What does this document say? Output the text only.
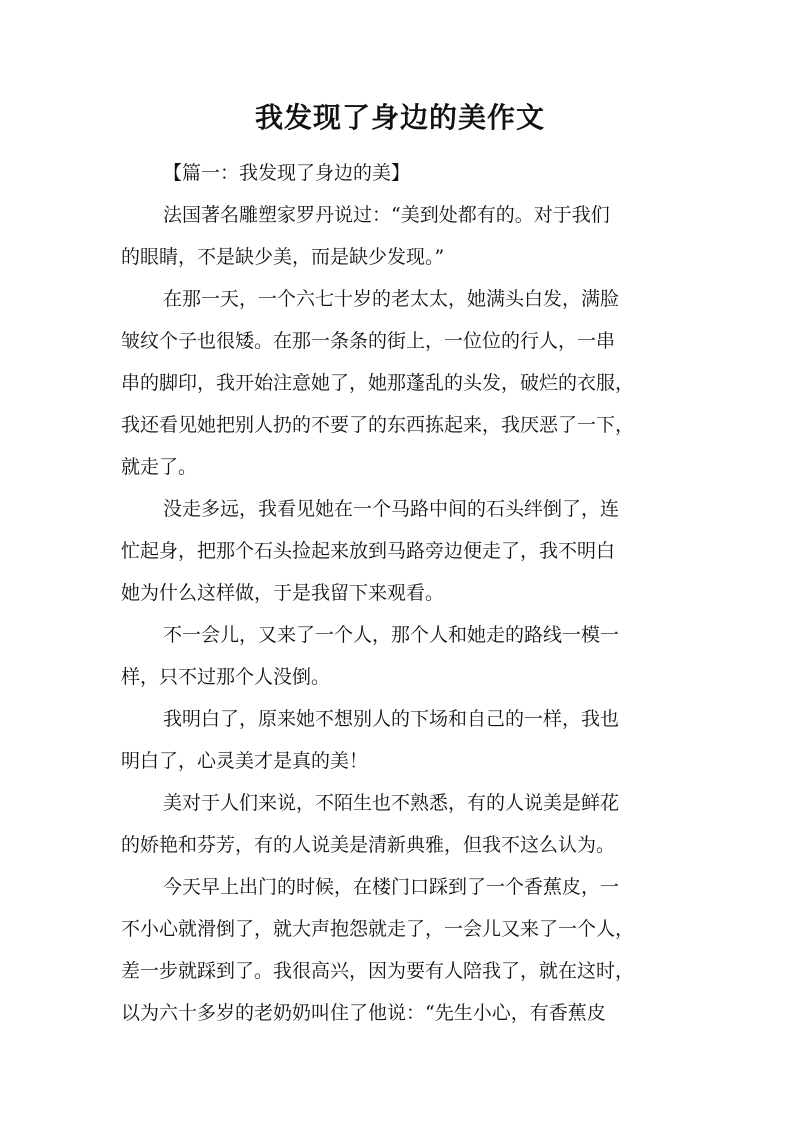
我发现了身边的美作文
【篇一：我发现了身边的美】
法国著名雕塑家罗丹说过：“美到处都有的。对于我们
的眼睛，不是缺少美，而是缺少发现。”
在那一天，一个六七十岁的老太太，她满头白发，满脸
皱纹个子也很矮。在那一条条的街上，一位位的行人，一串
串的脚印，我开始注意她了，她那蓬乱的头发，破烂的衣服，
我还看见她把别人扔的不要了的东西拣起来，我厌恶了一下，
就走了。
没走多远，我看见她在一个马路中间的石头绊倒了，连
忙起身，把那个石头捡起来放到马路旁边便走了，我不明白
她为什么这样做，于是我留下来观看。
不一会儿，又来了一个人，那个人和她走的路线一模一
样，只不过那个人没倒。
我明白了，原来她不想别人的下场和自己的一样，我也
明白了，心灵美才是真的美！
美对于人们来说，不陌生也不熟悉，有的人说美是鲜花
的娇艳和芬芳，有的人说美是清新典雅，但我不这么认为。
今天早上出门的时候，在楼门口踩到了一个香蕉皮，一
不小心就滑倒了，就大声抱怨就走了，一会儿又来了一个人，
差一步就踩到了。我很高兴，因为要有人陪我了，就在这时，
以为六十多岁的老奶奶叫住了他说：“先生小心，有香蕉皮
